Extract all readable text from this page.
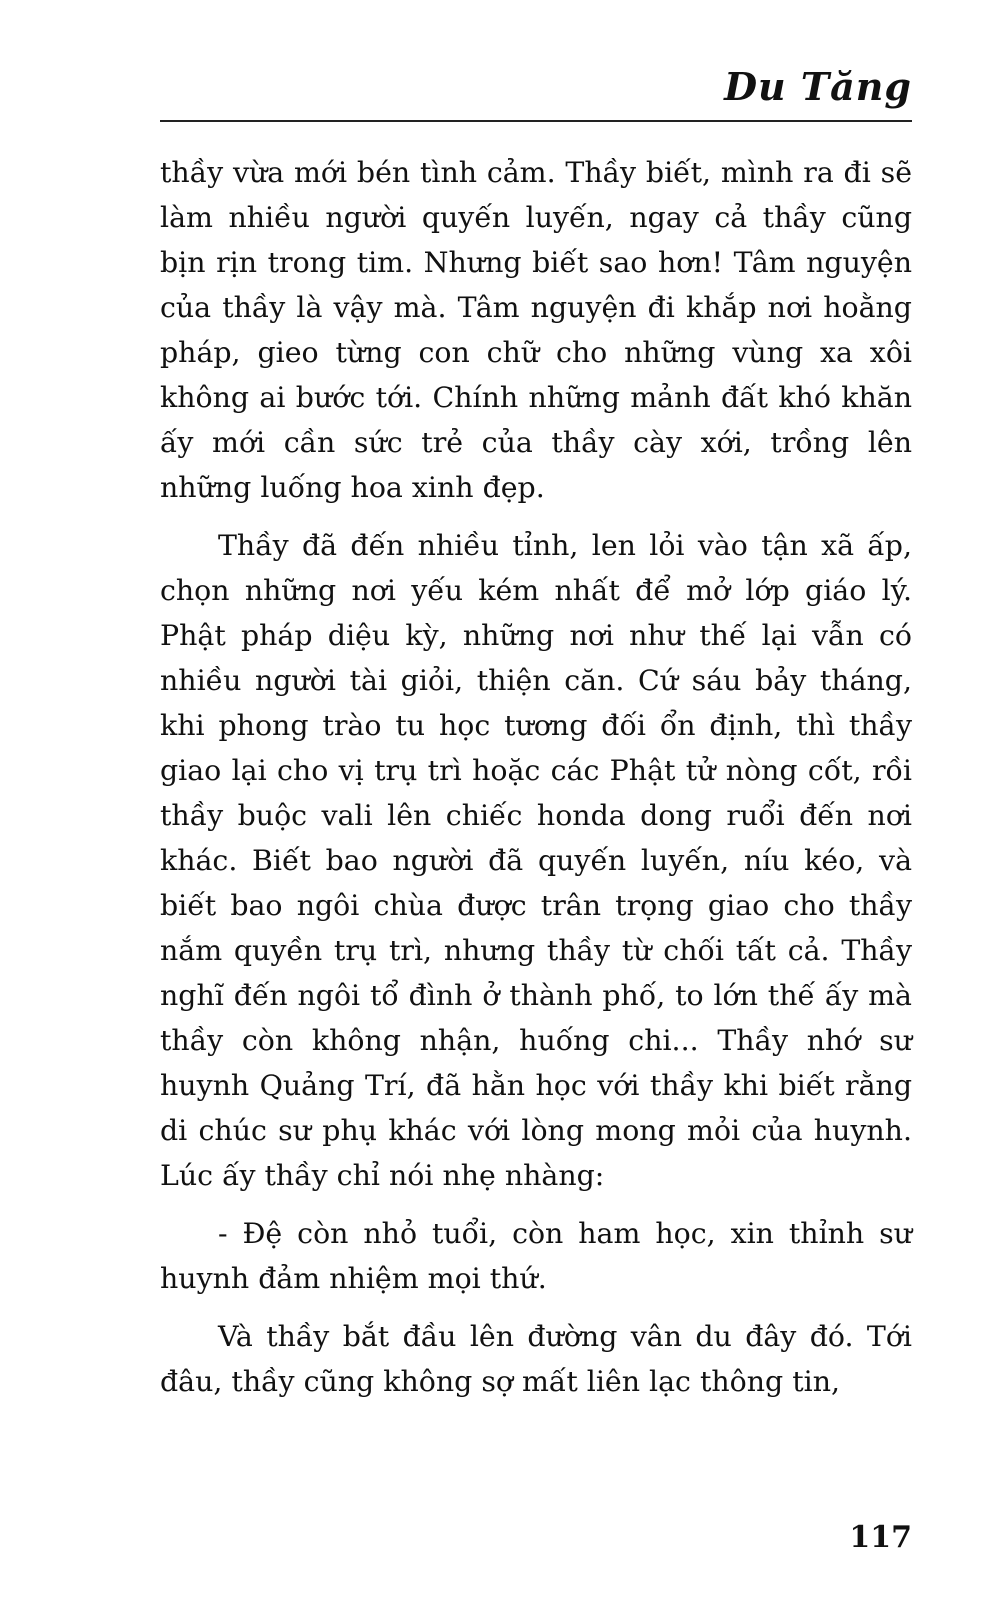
Du Tăng

thầy vừa mới bén tình cảm. Thầy biết, mình ra đi sẽ làm nhiều người quyến luyến, ngay cả thầy cũng bịn rịn trong tim. Nhưng biết sao hơn! Tâm nguyện của thầy là vậy mà. Tâm nguyện đi khắp nơi hoằng pháp, gieo từng con chữ cho những vùng xa xôi không ai bước tới. Chính những mảnh đất khó khăn ấy mới cần sức trẻ của thầy cày xới, trồng lên những luống hoa xinh đẹp.

Thầy đã đến nhiều tỉnh, len lỏi vào tận xã ấp, chọn những nơi yếu kém nhất để mở lớp giáo lý. Phật pháp diệu kỳ, những nơi như thế lại vẫn có nhiều người tài giỏi, thiện căn. Cứ sáu bảy tháng, khi phong trào tu học tương đối ổn định, thì thầy giao lại cho vị trụ trì hoặc các Phật tử nòng cốt, rồi thầy buộc vali lên chiếc honda dong ruổi đến nơi khác. Biết bao người đã quyến luyến, níu kéo, và biết bao ngôi chùa được trân trọng giao cho thầy nắm quyền trụ trì, nhưng thầy từ chối tất cả. Thầy nghĩ đến ngôi tổ đình ở thành phố, to lớn thế ấy mà thầy còn không nhận, huống chi... Thầy nhớ sư huynh Quảng Trí, đã hằn học với thầy khi biết rằng di chúc sư phụ khác với lòng mong mỏi của huynh. Lúc ấy thầy chỉ nói nhẹ nhàng:

- Đệ còn nhỏ tuổi, còn ham học, xin thỉnh sư huynh đảm nhiệm mọi thứ.

Và thầy bắt đầu lên đường vân du đây đó. Tới đâu, thầy cũng không sợ mất liên lạc thông tin,

117
